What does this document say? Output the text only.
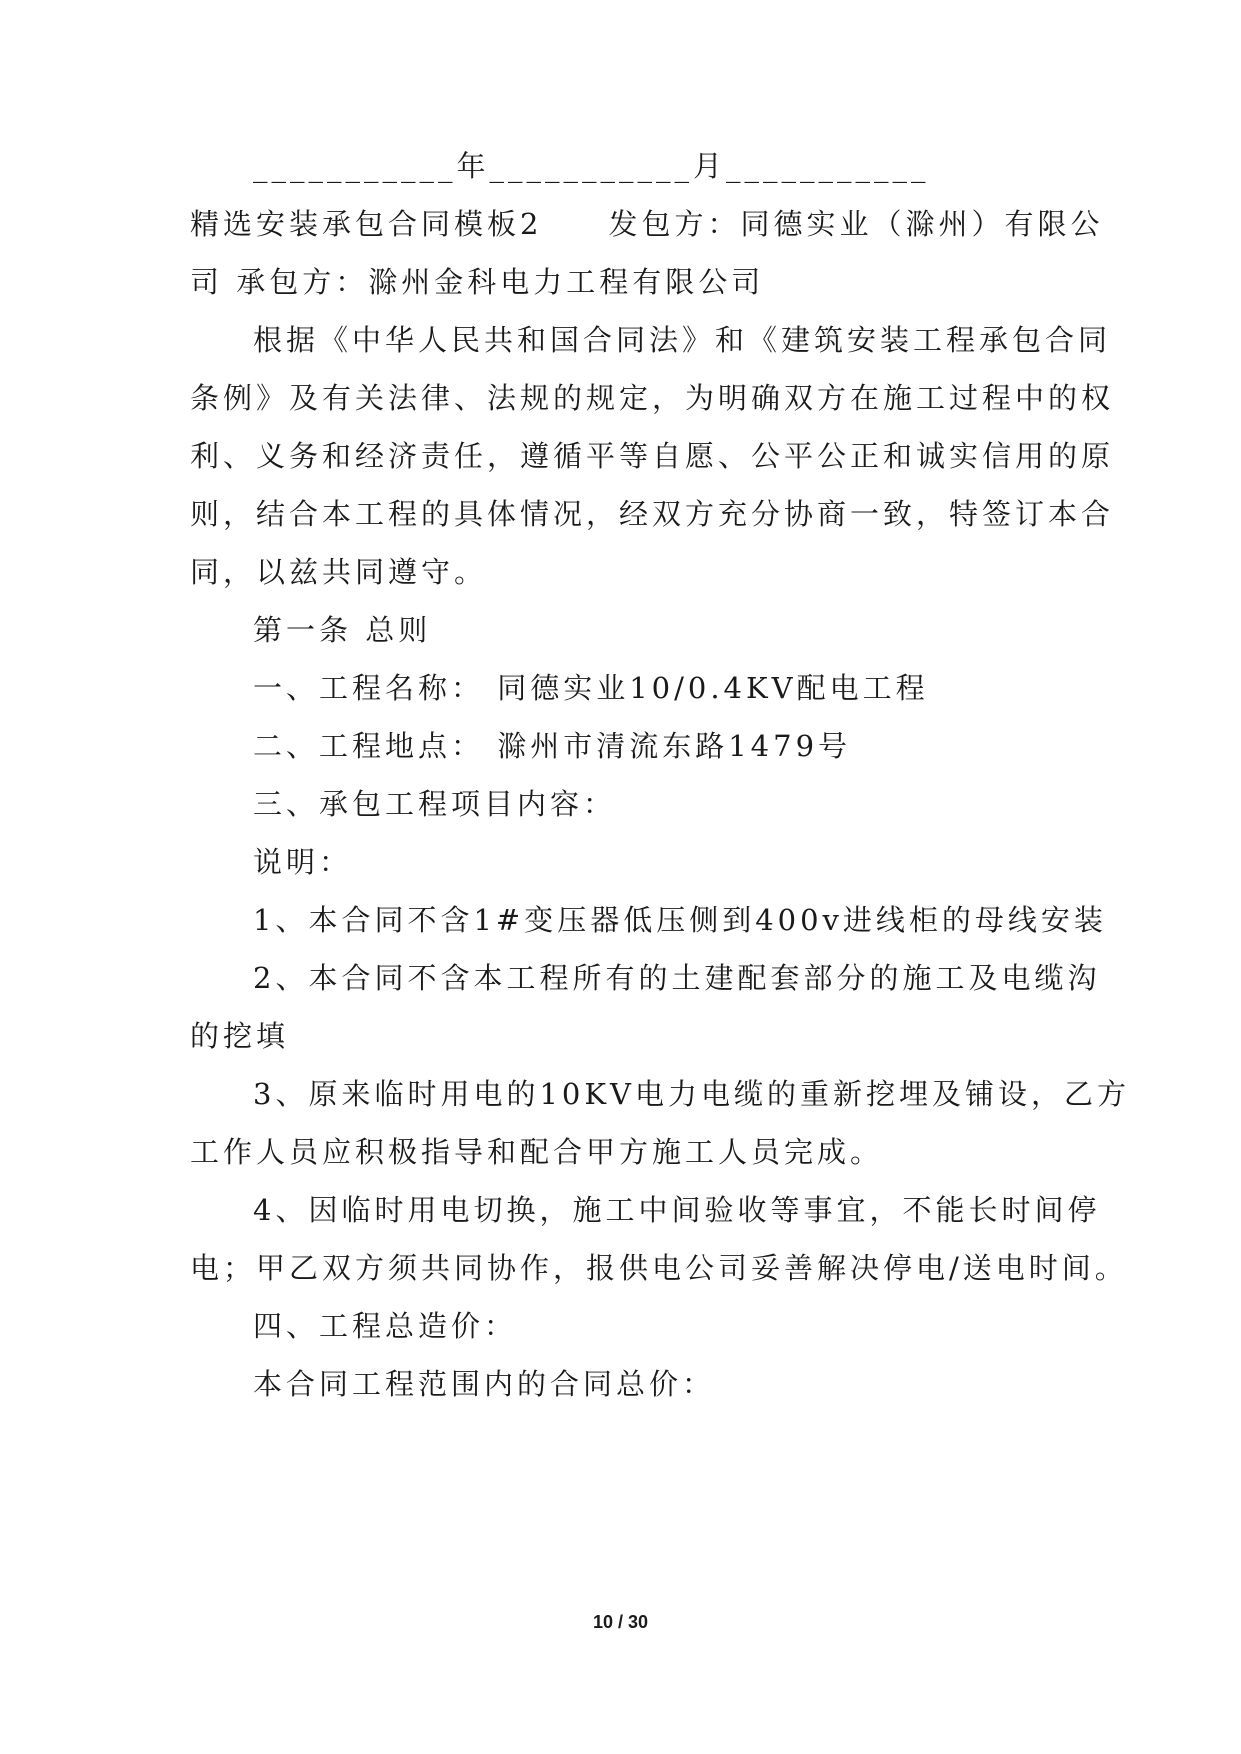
___________年___________月___________
精选安装承包合同模板2　　发包方：同德实业（滁州）有限公
司 承包方：滁州金科电力工程有限公司
根据《中华人民共和国合同法》和《建筑安装工程承包合同
条例》及有关法律、法规的规定，为明确双方在施工过程中的权
利、义务和经济责任，遵循平等自愿、公平公正和诚实信用的原
则，结合本工程的具体情况，经双方充分协商一致，特签订本合
同，以兹共同遵守。
第一条 总则
一、工程名称： 同德实业10/0.4KV配电工程
二、工程地点： 滁州市清流东路1479号
三、承包工程项目内容：
说明：
1、本合同不含1#变压器低压侧到400v进线柜的母线安装
2、本合同不含本工程所有的土建配套部分的施工及电缆沟
的挖填
3、原来临时用电的10KV电力电缆的重新挖埋及铺设，乙方
工作人员应积极指导和配合甲方施工人员完成。
4、因临时用电切换，施工中间验收等事宜，不能长时间停
电；甲乙双方须共同协作，报供电公司妥善解决停电/送电时间。
四、工程总造价：
本合同工程范围内的合同总价：
10 / 30
